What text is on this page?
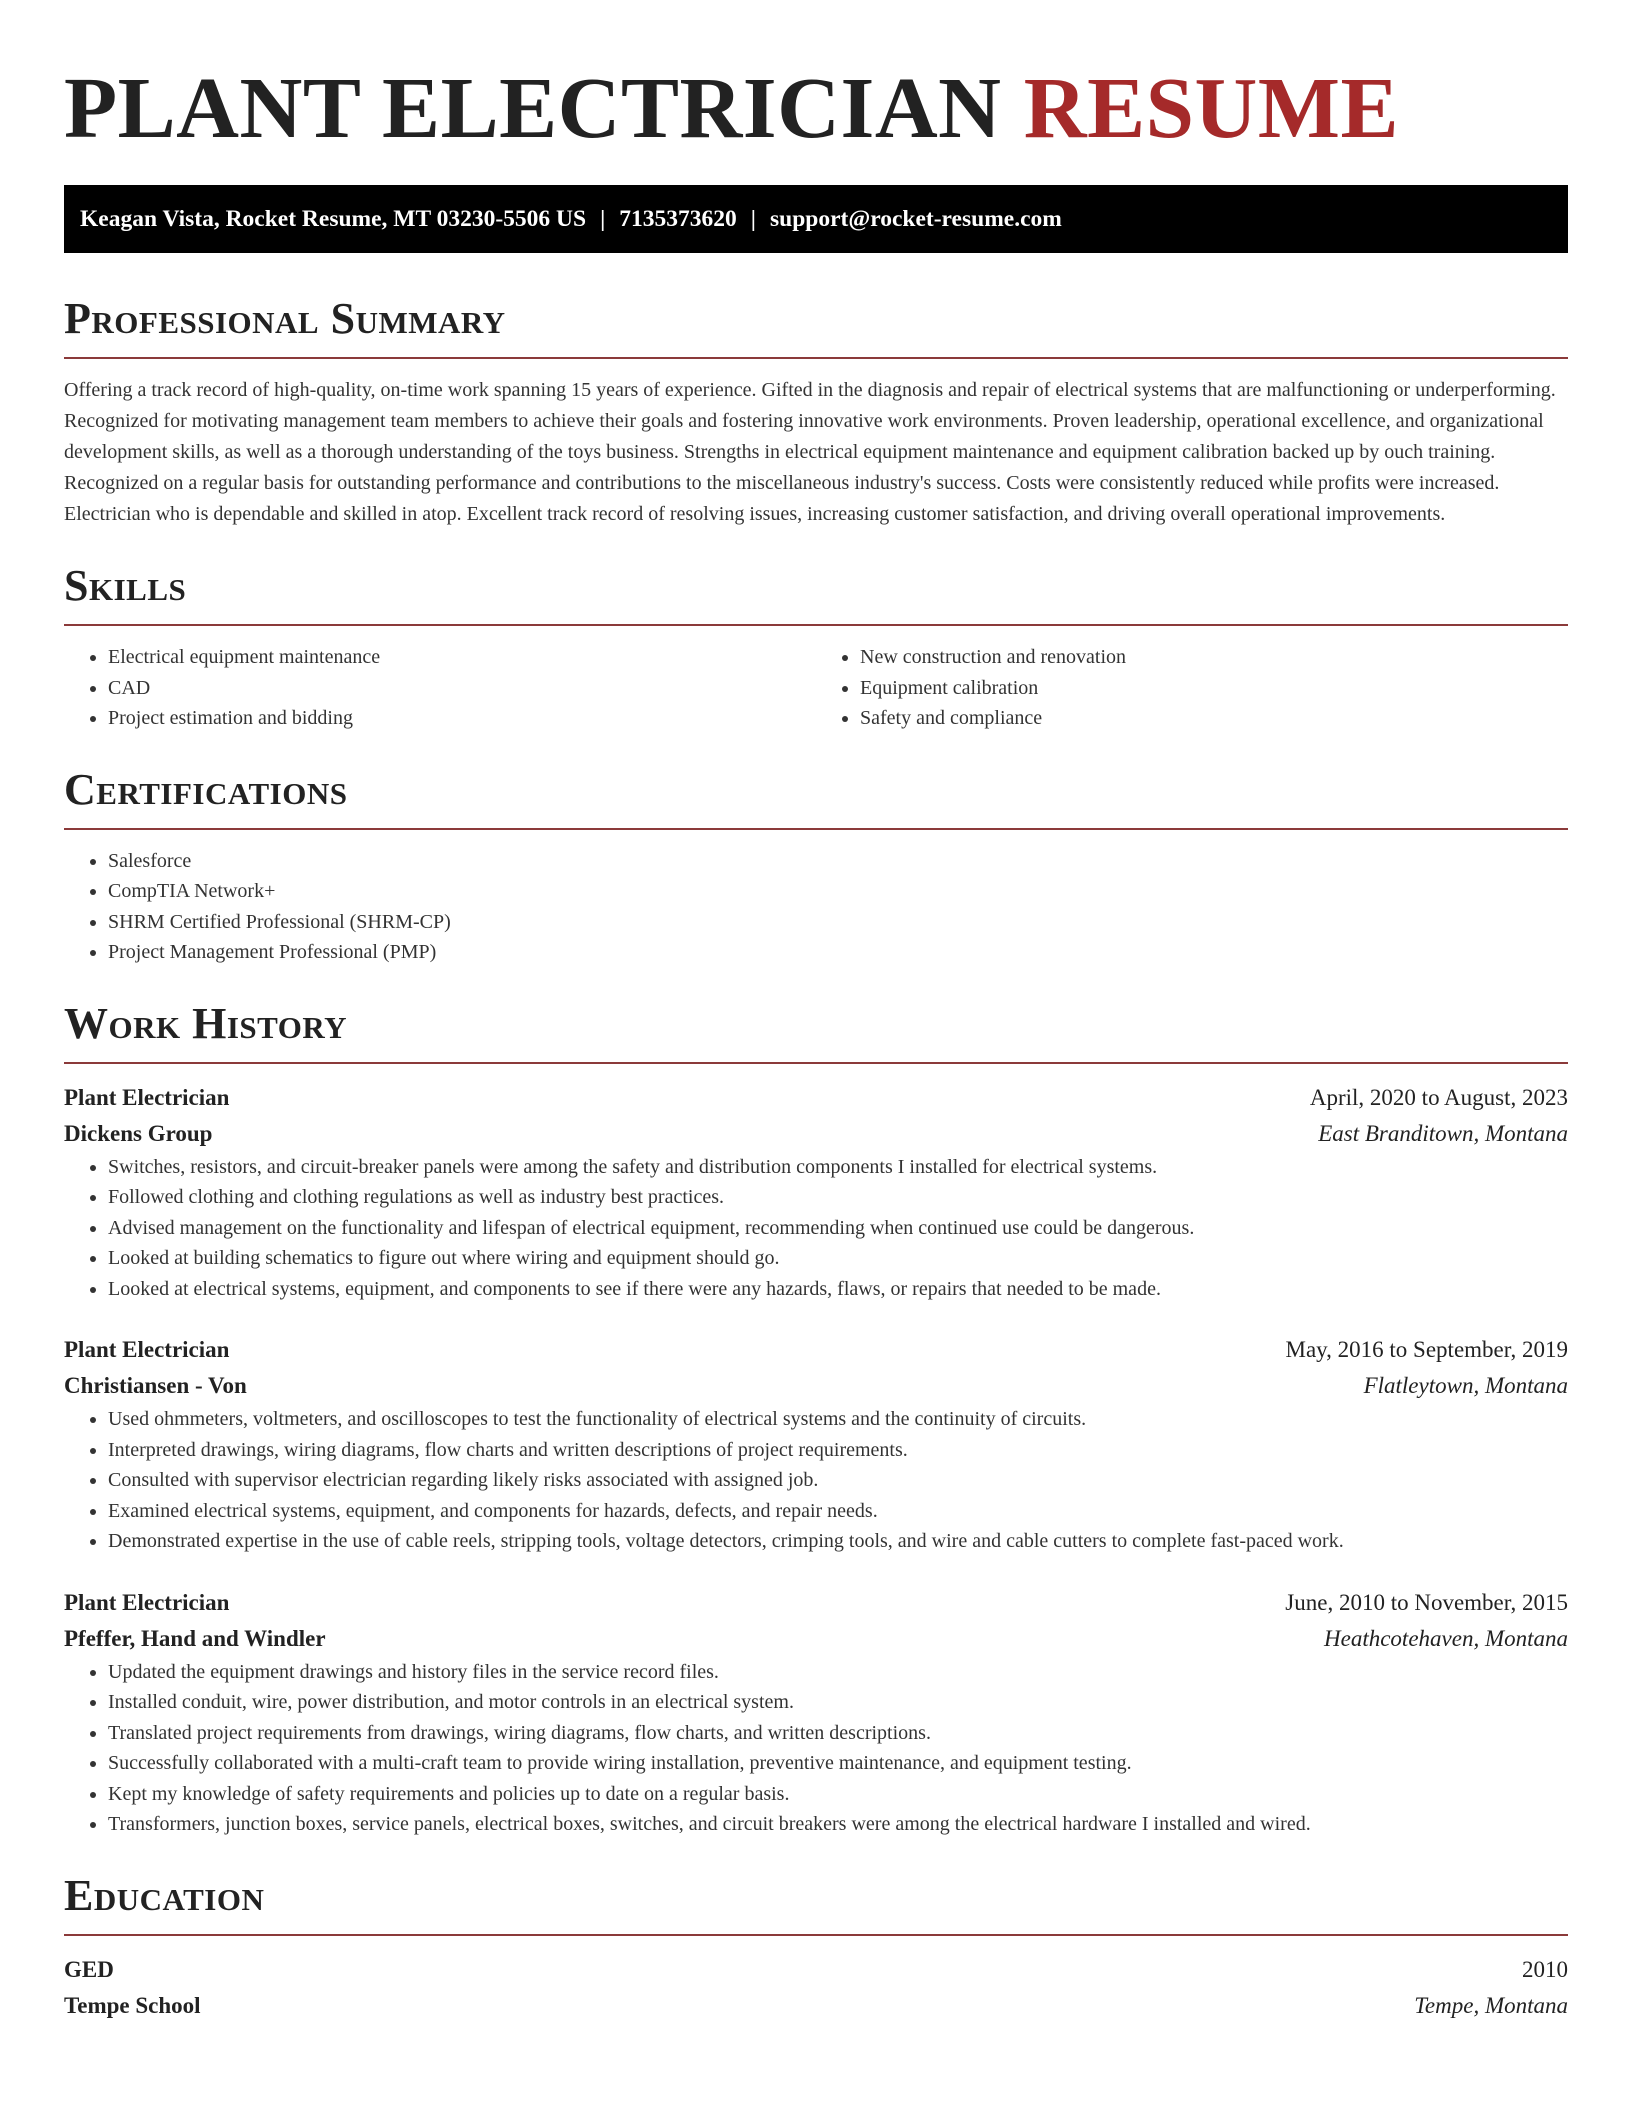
PLANT ELECTRICIAN RESUME
Keagan Vista, Rocket Resume, MT 03230-5506 US | 7135373620 | support@rocket-resume.com
Professional Summary

Offering a track record of high-quality, on-time work spanning 15 years of experience. Gifted in the diagnosis and repair of electrical systems that are malfunctioning or underperforming. Recognized for motivating management team members to achieve their goals and fostering innovative work environments. Proven leadership, operational excellence, and organizational development skills, as well as a thorough understanding of the toys business. Strengths in electrical equipment maintenance and equipment calibration backed up by ouch training. Recognized on a regular basis for outstanding performance and contributions to the miscellaneous industry's success. Costs were consistently reduced while profits were increased. Electrician who is dependable and skilled in atop. Excellent track record of resolving issues, increasing customer satisfaction, and driving overall operational improvements.

Skills
• Electrical equipment maintenance
• CAD
• Project estimation and bidding
• New construction and renovation
• Equipment calibration
• Safety and compliance
Certifications
• Salesforce
• CompTIA Network+
• SHRM Certified Professional (SHRM-CP)
• Project Management Professional (PMP)
Work History
Plant Electrician	April, 2020 to August, 2023
Dickens Group	East Branditown, Montana
• Switches, resistors, and circuit-breaker panels were among the safety and distribution components I installed for electrical systems.
• Followed clothing and clothing regulations as well as industry best practices.
• Advised management on the functionality and lifespan of electrical equipment, recommending when continued use could be dangerous.
• Looked at building schematics to figure out where wiring and equipment should go.
• Looked at electrical systems, equipment, and components to see if there were any hazards, flaws, or repairs that needed to be made.
Plant Electrician	May, 2016 to September, 2019
Christiansen - Von	Flatleytown, Montana
• Used ohmmeters, voltmeters, and oscilloscopes to test the functionality of electrical systems and the continuity of circuits.
• Interpreted drawings, wiring diagrams, flow charts and written descriptions of project requirements.
• Consulted with supervisor electrician regarding likely risks associated with assigned job.
• Examined electrical systems, equipment, and components for hazards, defects, and repair needs.
• Demonstrated expertise in the use of cable reels, stripping tools, voltage detectors, crimping tools, and wire and cable cutters to complete fast-paced work.
Plant Electrician	June, 2010 to November, 2015
Pfeffer, Hand and Windler	Heathcotehaven, Montana
• Updated the equipment drawings and history files in the service record files.
• Installed conduit, wire, power distribution, and motor controls in an electrical system.
• Translated project requirements from drawings, wiring diagrams, flow charts, and written descriptions.
• Successfully collaborated with a multi-craft team to provide wiring installation, preventive maintenance, and equipment testing.
• Kept my knowledge of safety requirements and policies up to date on a regular basis.
• Transformers, junction boxes, service panels, electrical boxes, switches, and circuit breakers were among the electrical hardware I installed and wired.
Education
GED	2010
Tempe School	Tempe, Montana
